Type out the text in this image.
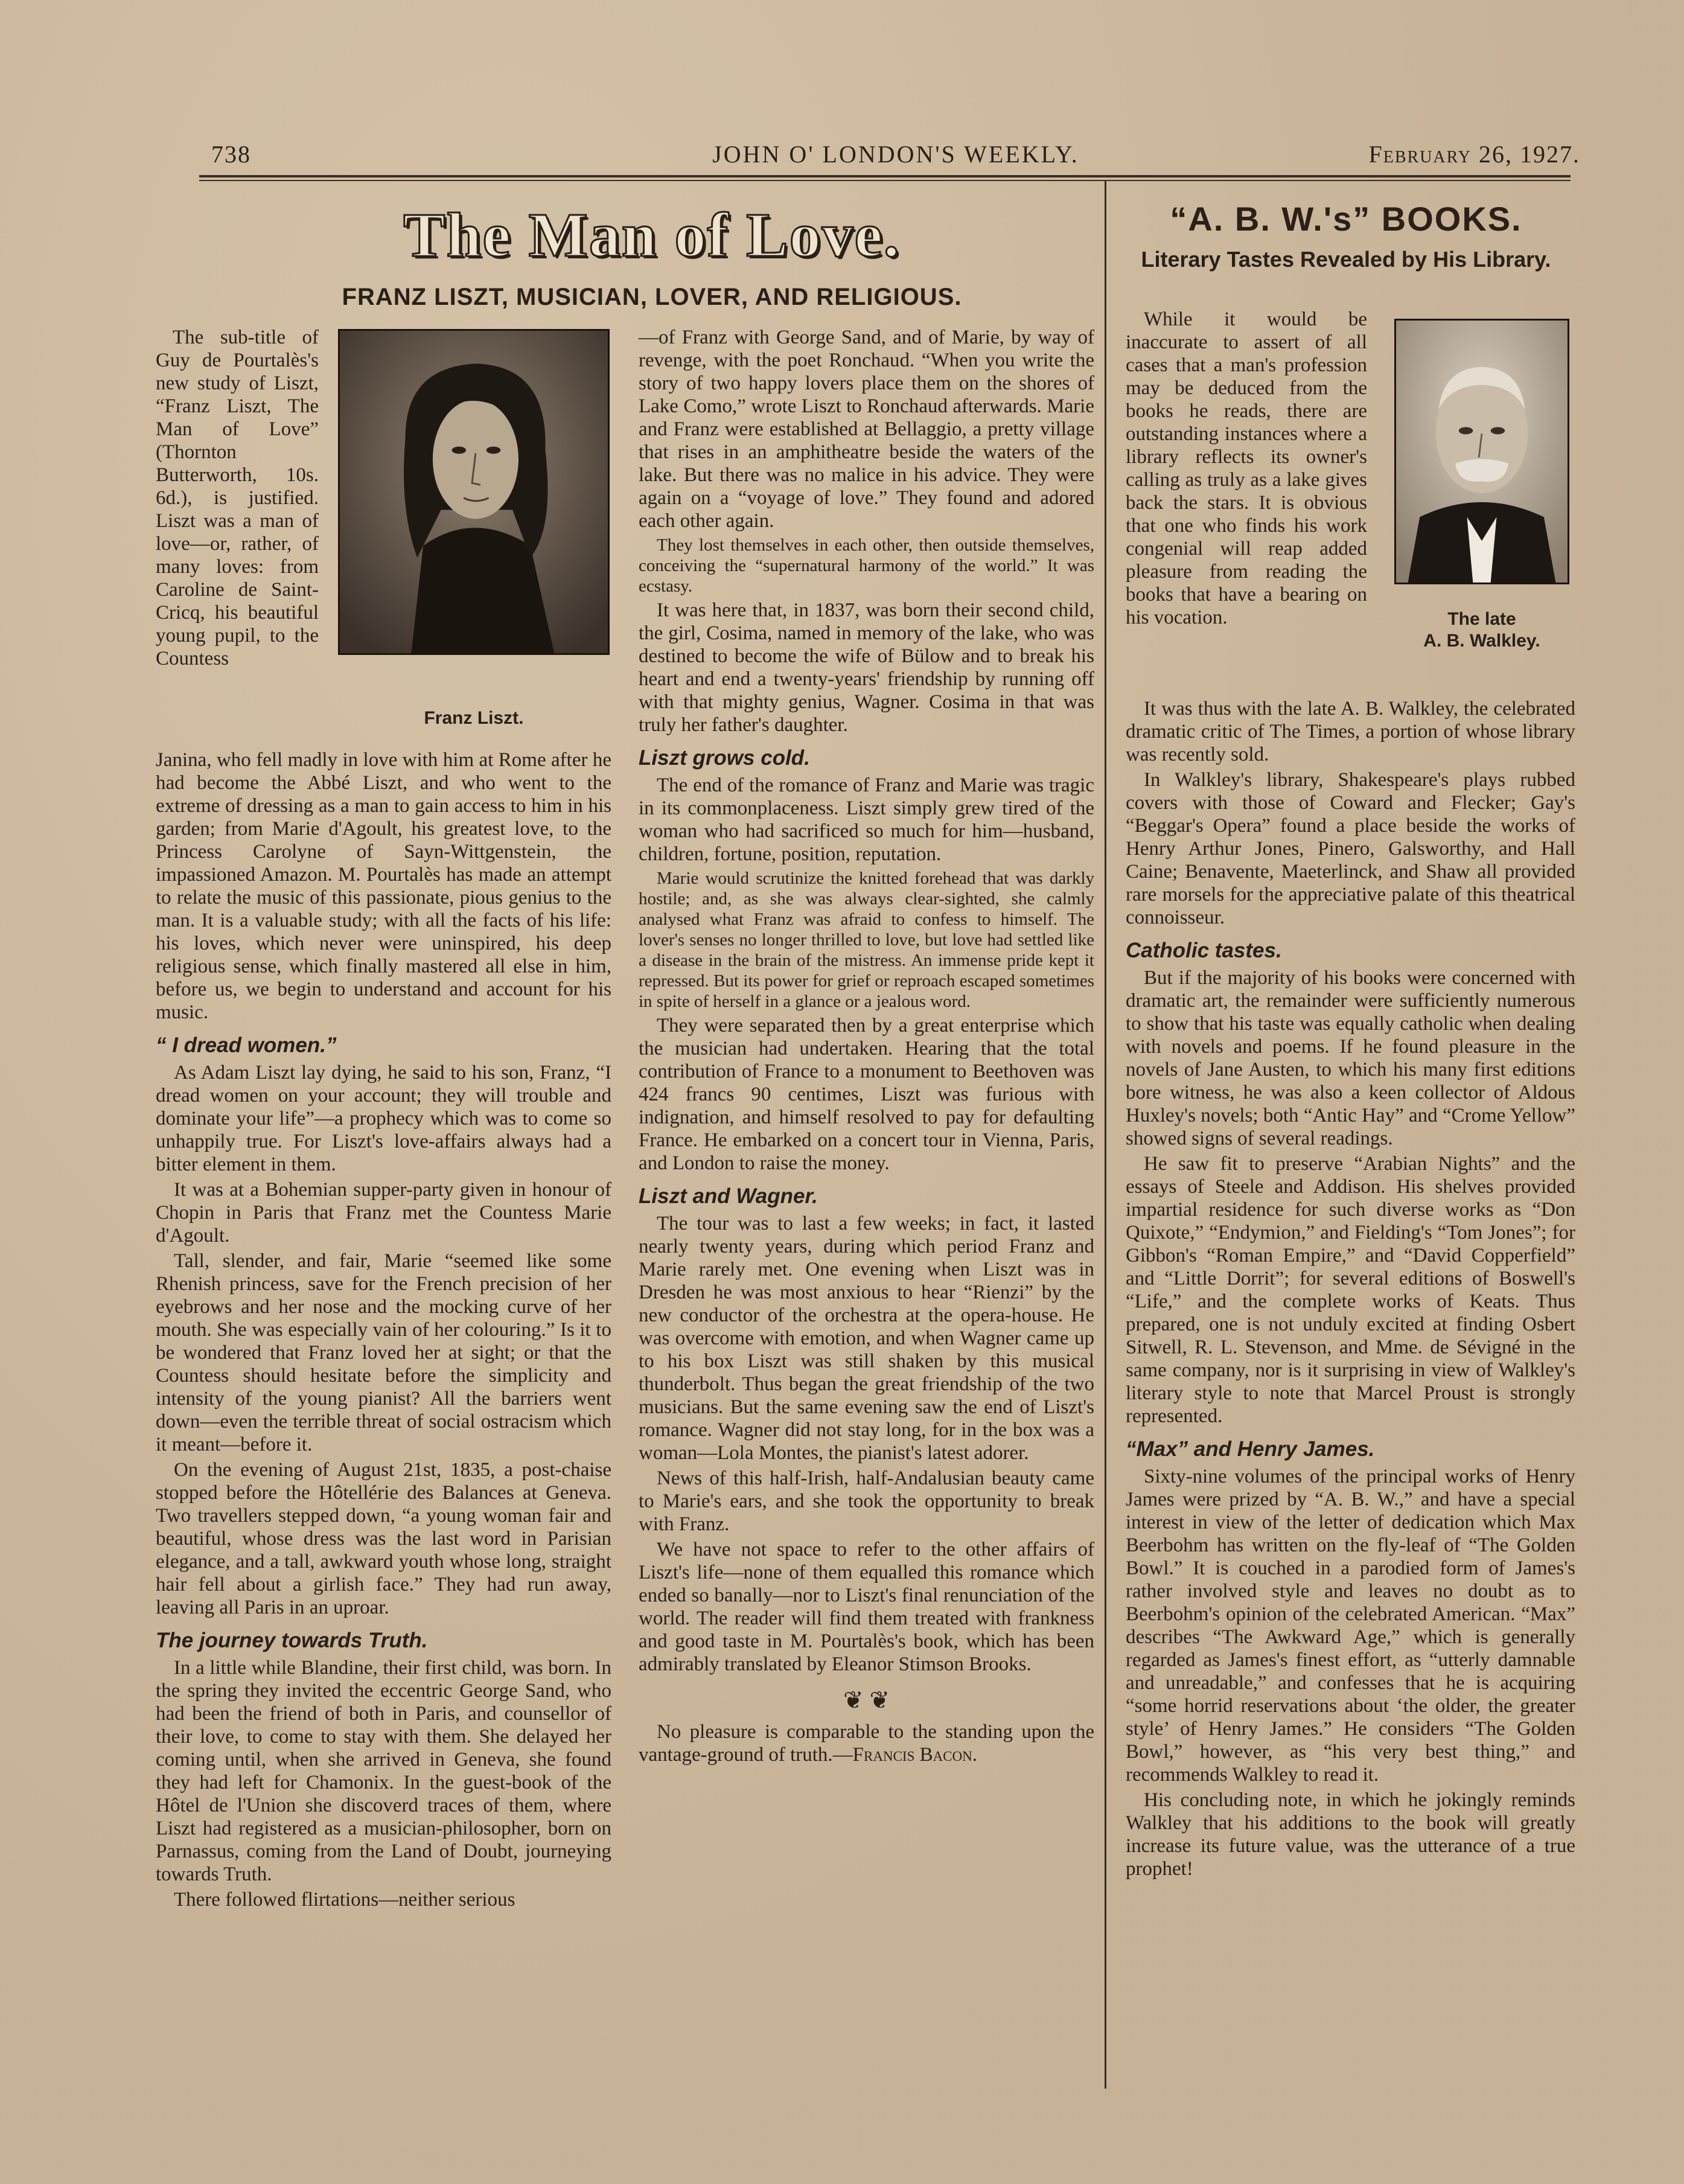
738	JOHN O' LONDON'S WEEKLY.	February 26, 1927.
The Man of Love.
FRANZ LISZT, MUSICIAN, LOVER, AND RELIGIOUS.
Franz Liszt.

The sub-title of Guy de Pourtalès's new study of Liszt, “Franz Liszt, The Man of Love” (Thornton Butterworth, 10s. 6d.), is justified. Liszt was a man of love—or, rather, of many loves: from Caroline de Saint-Cricq, his beautiful young pupil, to the Countess

Janina, who fell madly in love with him at Rome after he had become the Abbé Liszt, and who went to the extreme of dressing as a man to gain access to him in his garden; from Marie d'Agoult, his greatest love, to the Princess Carolyne of Sayn-Wittgenstein, the impassioned Amazon. M. Pourtalès has made an attempt to relate the music of this passionate, pious genius to the man. It is a valuable study; with all the facts of his life: his loves, which never were uninspired, his deep religious sense, which finally mastered all else in him, before us, we begin to understand and account for his music.

“ I dread women.”

As Adam Liszt lay dying, he said to his son, Franz, “I dread women on your account; they will trouble and dominate your life”—a prophecy which was to come so unhappily true. For Liszt's love-affairs always had a bitter element in them.

It was at a Bohemian supper-party given in honour of Chopin in Paris that Franz met the Countess Marie d'Agoult.

Tall, slender, and fair, Marie “seemed like some Rhenish princess, save for the French precision of her eyebrows and her nose and the mocking curve of her mouth. She was especially vain of her colouring.” Is it to be wondered that Franz loved her at sight; or that the Countess should hesitate before the simplicity and intensity of the young pianist? All the barriers went down—even the terrible threat of social ostracism which it meant—before it.

On the evening of August 21st, 1835, a post-chaise stopped before the Hôtellérie des Balances at Geneva. Two travellers stepped down, “a young woman fair and beautiful, whose dress was the last word in Parisian elegance, and a tall, awkward youth whose long, straight hair fell about a girlish face.” They had run away, leaving all Paris in an uproar.

The journey towards Truth.

In a little while Blandine, their first child, was born. In the spring they invited the eccentric George Sand, who had been the friend of both in Paris, and counsellor of their love, to come to stay with them. She delayed her coming until, when she arrived in Geneva, she found they had left for Chamonix. In the guest-book of the Hôtel de l'Union she discoverd traces of them, where Liszt had registered as a musician-philosopher, born on Parnassus, coming from the Land of Doubt, journeying towards Truth.

There followed flirtations—neither serious

—of Franz with George Sand, and of Marie, by way of revenge, with the poet Ronchaud. “When you write the story of two happy lovers place them on the shores of Lake Como,” wrote Liszt to Ronchaud afterwards. Marie and Franz were established at Bellaggio, a pretty village that rises in an amphitheatre beside the waters of the lake. But there was no malice in his advice. They were again on a “voyage of love.” They found and adored each other again.

They lost themselves in each other, then outside themselves, conceiving the “supernatural harmony of the world.” It was ecstasy.

It was here that, in 1837, was born their second child, the girl, Cosima, named in memory of the lake, who was destined to become the wife of Bülow and to break his heart and end a twenty-years' friendship by running off with that mighty genius, Wagner. Cosima in that was truly her father's daughter.

Liszt grows cold.

The end of the romance of Franz and Marie was tragic in its commonplaceness. Liszt simply grew tired of the woman who had sacrificed so much for him—husband, children, fortune, position, reputation.

Marie would scrutinize the knitted forehead that was darkly hostile; and, as she was always clear-sighted, she calmly analysed what Franz was afraid to confess to himself. The lover's senses no longer thrilled to love, but love had settled like a disease in the brain of the mistress. An immense pride kept it repressed. But its power for grief or reproach escaped sometimes in spite of herself in a glance or a jealous word.

They were separated then by a great enterprise which the musician had undertaken. Hearing that the total contribution of France to a monument to Beethoven was 424 francs 90 centimes, Liszt was furious with indignation, and himself resolved to pay for defaulting France. He embarked on a concert tour in Vienna, Paris, and London to raise the money.

Liszt and Wagner.

The tour was to last a few weeks; in fact, it lasted nearly twenty years, during which period Franz and Marie rarely met. One evening when Liszt was in Dresden he was most anxious to hear “Rienzi” by the new conductor of the orchestra at the opera-house. He was overcome with emotion, and when Wagner came up to his box Liszt was still shaken by this musical thunderbolt. Thus began the great friendship of the two musicians. But the same evening saw the end of Liszt's romance. Wagner did not stay long, for in the box was a woman—Lola Montes, the pianist's latest adorer.

News of this half-Irish, half-Andalusian beauty came to Marie's ears, and she took the opportunity to break with Franz.

We have not space to refer to the other affairs of Liszt's life—none of them equalled this romance which ended so banally—nor to Liszt's final renunciation of the world. The reader will find them treated with frankness and good taste in M. Pourtalès's book, which has been admirably translated by Eleanor Stimson Brooks.

❦ ❦

No pleasure is comparable to the standing upon the vantage-ground of truth.—Francis Bacon.

“A. B. W.'s” BOOKS.
Literary Tastes Revealed by His Library.
The late
A. B. Walkley.

While it would be inaccurate to assert of all cases that a man's profession may be deduced from the books he reads, there are outstanding instances where a library reflects its owner's calling as truly as a lake gives back the stars. It is obvious that one who finds his work congenial will reap added pleasure from reading the books that have a bearing on his vocation.

It was thus with the late A. B. Walkley, the celebrated dramatic critic of The Times, a portion of whose library was recently sold.

In Walkley's library, Shakespeare's plays rubbed covers with those of Coward and Flecker; Gay's “Beggar's Opera” found a place beside the works of Henry Arthur Jones, Pinero, Galsworthy, and Hall Caine; Benavente, Maeterlinck, and Shaw all provided rare morsels for the appreciative palate of this theatrical connoisseur.

Catholic tastes.

But if the majority of his books were concerned with dramatic art, the remainder were sufficiently numerous to show that his taste was equally catholic when dealing with novels and poems. If he found pleasure in the novels of Jane Austen, to which his many first editions bore witness, he was also a keen collector of Aldous Huxley's novels; both “Antic Hay” and “Crome Yellow” showed signs of several readings.

He saw fit to preserve “Arabian Nights” and the essays of Steele and Addison. His shelves provided impartial residence for such diverse works as “Don Quixote,” “Endymion,” and Fielding's “Tom Jones”; for Gibbon's “Roman Empire,” and “David Copperfield” and “Little Dorrit”; for several editions of Boswell's “Life,” and the complete works of Keats. Thus prepared, one is not unduly excited at finding Osbert Sitwell, R. L. Stevenson, and Mme. de Sévigné in the same company, nor is it surprising in view of Walkley's literary style to note that Marcel Proust is strongly represented.

“Max” and Henry James.

Sixty-nine volumes of the principal works of Henry James were prized by “A. B. W.,” and have a special interest in view of the letter of dedication which Max Beerbohm has written on the fly-leaf of “The Golden Bowl.” It is couched in a parodied form of James's rather involved style and leaves no doubt as to Beerbohm's opinion of the celebrated American. “Max” describes “The Awkward Age,” which is generally regarded as James's finest effort, as “utterly damnable and unreadable,” and confesses that he is acquiring “some horrid reservations about ‘the older, the greater style’ of Henry James.” He considers “The Golden Bowl,” however, as “his very best thing,” and recommends Walkley to read it.

His concluding note, in which he jokingly reminds Walkley that his additions to the book will greatly increase its future value, was the utterance of a true prophet!
